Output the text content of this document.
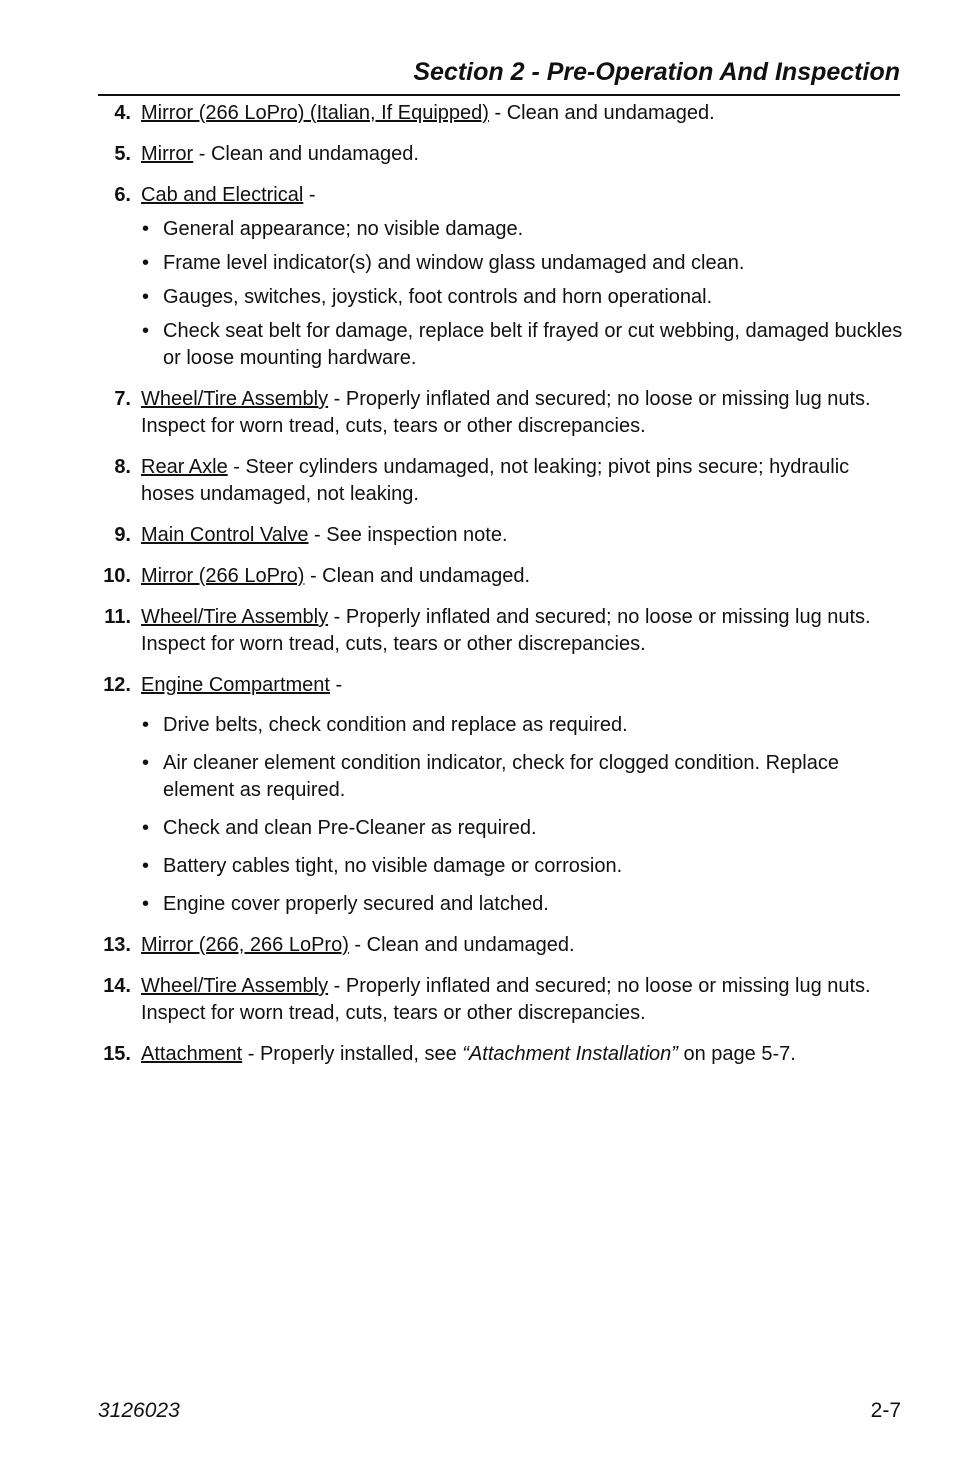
Section 2 - Pre-Operation And Inspection
4. Mirror (266 LoPro) (Italian, If Equipped) - Clean and undamaged.
5. Mirror - Clean and undamaged.
6. Cab and Electrical -
• General appearance; no visible damage.
• Frame level indicator(s) and window glass undamaged and clean.
• Gauges, switches, joystick, foot controls and horn operational.
• Check seat belt for damage, replace belt if frayed or cut webbing, damaged buckles or loose mounting hardware.
7. Wheel/Tire Assembly - Properly inflated and secured; no loose or missing lug nuts. Inspect for worn tread, cuts, tears or other discrepancies.
8. Rear Axle - Steer cylinders undamaged, not leaking; pivot pins secure; hydraulic hoses undamaged, not leaking.
9. Main Control Valve - See inspection note.
10. Mirror (266 LoPro) - Clean and undamaged.
11. Wheel/Tire Assembly - Properly inflated and secured; no loose or missing lug nuts. Inspect for worn tread, cuts, tears or other discrepancies.
12. Engine Compartment -
• Drive belts, check condition and replace as required.
• Air cleaner element condition indicator, check for clogged condition. Replace element as required.
• Check and clean Pre-Cleaner as required.
• Battery cables tight, no visible damage or corrosion.
• Engine cover properly secured and latched.
13. Mirror (266, 266 LoPro) - Clean and undamaged.
14. Wheel/Tire Assembly - Properly inflated and secured; no loose or missing lug nuts. Inspect for worn tread, cuts, tears or other discrepancies.
15. Attachment - Properly installed, see “Attachment Installation” on page 5-7.
3126023	2-7
